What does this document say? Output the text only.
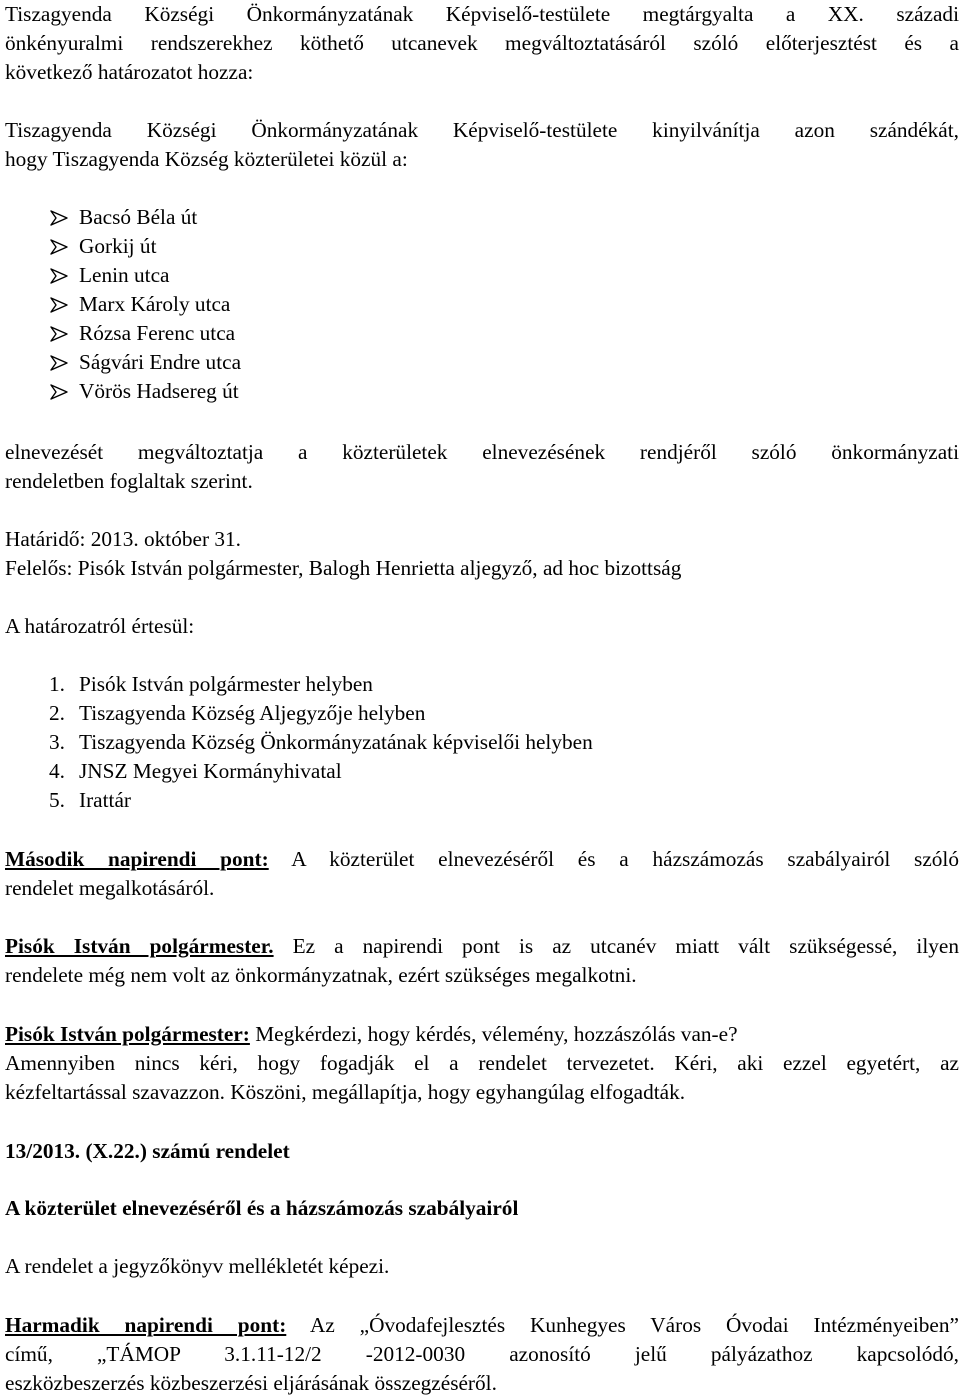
Tiszagyenda Községi Önkormányzatának Képviselő-testülete megtárgyalta a XX. századi
önkényuralmi rendszerekhez köthető utcanevek megváltoztatásáról szóló előterjesztést és a
következő határozatot hozza:
Tiszagyenda Községi Önkormányzatának Képviselő-testülete kinyilvánítja azon szándékát,
hogy Tiszagyenda Község közterületei közül a:
Bacsó Béla út
Gorkij út
Lenin utca
Marx Károly utca
Rózsa Ferenc utca
Ságvári Endre utca
Vörös Hadsereg út
elnevezését megváltoztatja a közterületek elnevezésének rendjéről szóló önkormányzati
rendeletben foglaltak szerint.
Határidő: 2013. október 31.
Felelős: Pisók István polgármester, Balogh Henrietta aljegyző, ad hoc bizottság
A határozatról értesül:
1. Pisók István polgármester helyben
2. Tiszagyenda Község Aljegyzője helyben
3. Tiszagyenda Község Önkormányzatának képviselői helyben
4. JNSZ Megyei Kormányhivatal
5. Irattár
Második napirendi pont: A közterület elnevezéséről és a házszámozás szabályairól szóló
rendelet megalkotásáról.
Pisók István polgármester. Ez a napirendi pont is az utcanév miatt vált szükségessé, ilyen
rendelete még nem volt az önkormányzatnak, ezért szükséges megalkotni.
Pisók István polgármester: Megkérdezi, hogy kérdés, vélemény, hozzászólás van-e?
Amennyiben nincs kéri, hogy fogadják el a rendelet tervezetet. Kéri, aki ezzel egyetért, az
kézfeltartással szavazzon. Köszöni, megállapítja, hogy egyhangúlag elfogadták.
13/2013. (X.22.) számú rendelet
A közterület elnevezéséről és a házszámozás szabályairól
A rendelet a jegyzőkönyv mellékletét képezi.
Harmadik napirendi pont: Az „Óvodafejlesztés Kunhegyes Város Óvodai Intézményeiben”
című, „TÁMOP 3.1.11-12/2 -2012-0030 azonosító jelű pályázathoz kapcsolódó,
eszközbeszerzés közbeszerzési eljárásának összegzéséről.
